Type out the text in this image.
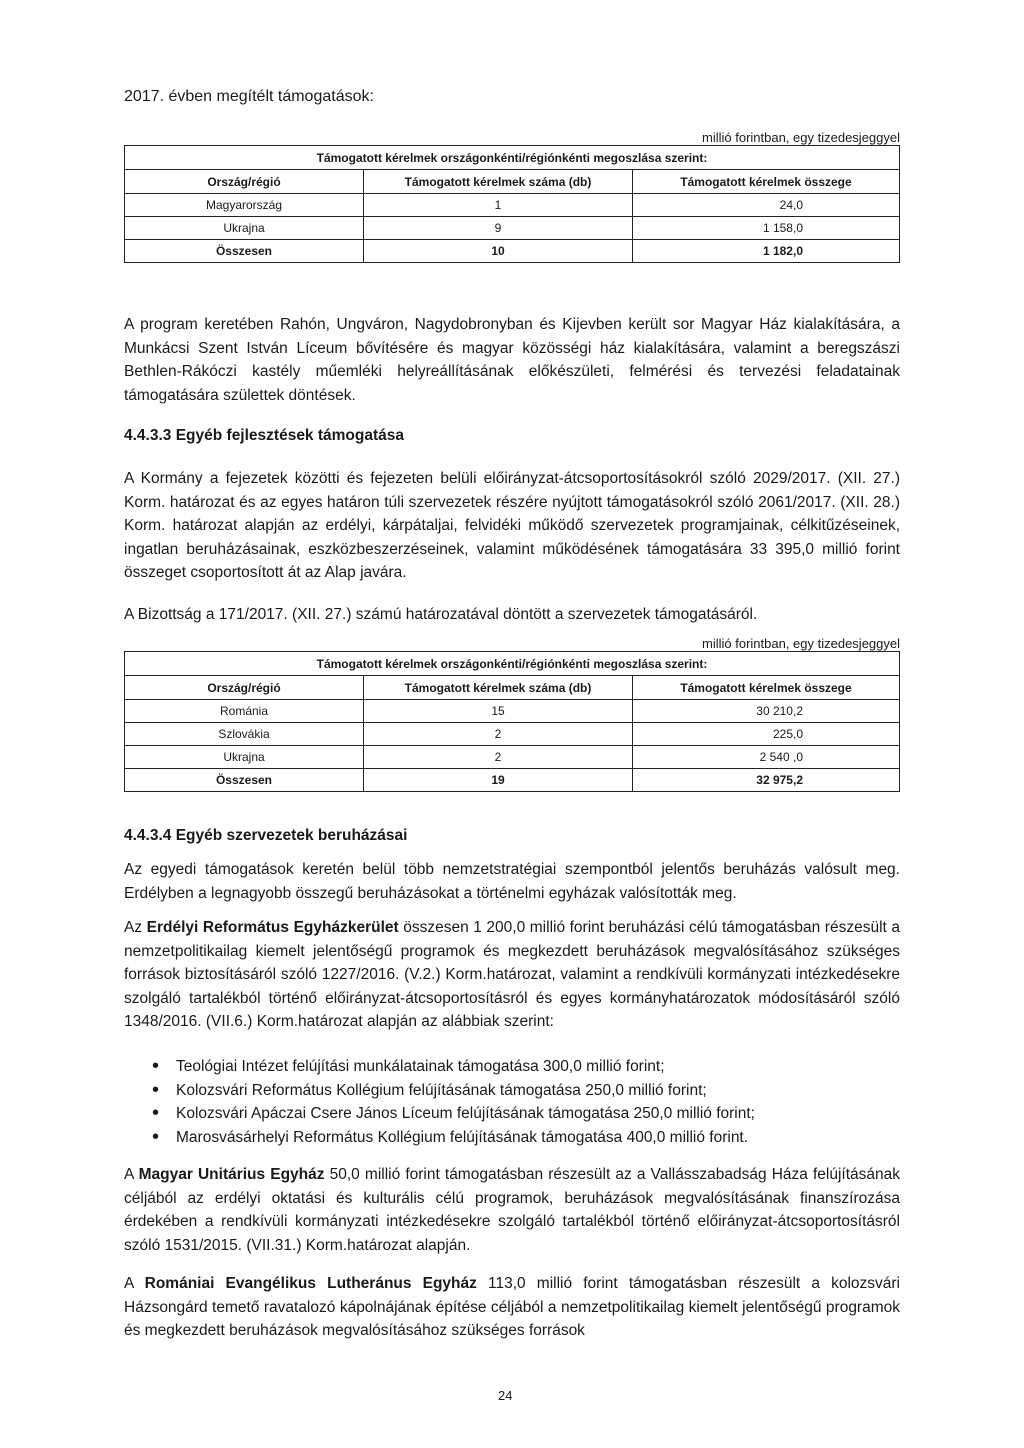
2017. évben megítélt támogatások:
millió forintban, egy tizedesjeggyel
Támogatott kérelmek országonkénti/régiónkénti megoszlása szerint:		
Ország/régió	Támogatott kérelmek száma (db)	Támogatott kérelmek összege
Magyarország	1	24,0
Ukrajna	9	1 158,0
Összesen	10	1 182,0

A program keretében Rahón, Ungváron, Nagydobronyban és Kijevben került sor Magyar Ház kialakítására, a Munkácsi Szent István Líceum bővítésére és magyar közösségi ház kialakítására, valamint a beregszászi Bethlen-Rákóczi kastély műemléki helyreállításának előkészületi, felmérési és tervezési feladatainak támogatására születtek döntések.

4.4.3.3 Egyéb fejlesztések támogatása

A Kormány a fejezetek közötti és fejezeten belüli előirányzat-átcsoportosításokról szóló 2029/2017. (XII. 27.) Korm. határozat és az egyes határon túli szervezetek részére nyújtott támogatásokról szóló 2061/2017. (XII. 28.) Korm. határozat alapján az erdélyi, kárpátaljai, felvidéki működő szervezetek programjainak, célkitűzéseinek, ingatlan beruházásainak, eszközbeszerzéseinek, valamint működésének támogatására 33 395,0 millió forint összeget csoportosított át az Alap javára.

A Bizottság a 171/2017. (XII. 27.) számú határozatával döntött a szervezetek támogatásáról.

millió forintban, egy tizedesjeggyel
Támogatott kérelmek országonkénti/régiónkénti megoszlása szerint:		
Ország/régió	Támogatott kérelmek száma (db)	Támogatott kérelmek összege
Románia	15	30 210,2
Szlovákia	2	225,0
Ukrajna	2	2 540 ,0
Összesen	19	32 975,2

4.4.3.4 Egyéb szervezetek beruházásai

Az egyedi támogatások keretén belül több nemzetstratégiai szempontból jelentős beruházás valósult meg. Erdélyben a legnagyobb összegű beruházásokat a történelmi egyházak valósították meg.

Az Erdélyi Református Egyházkerület összesen 1 200,0 millió forint beruházási célú támogatásban részesült a nemzetpolitikailag kiemelt jelentőségű programok és megkezdett beruházások megvalósításához szükséges források biztosításáról szóló 1227/2016. (V.2.) Korm.határozat, valamint a rendkívüli kormányzati intézkedésekre szolgáló tartalékból történő előirányzat-átcsoportosításról és egyes kormányhatározatok módosításáról szóló 1348/2016. (VII.6.) Korm.határozat alapján az alábbiak szerint:

• Teológiai Intézet felújítási munkálatainak támogatása 300,0 millió forint;
• Kolozsvári Református Kollégium felújításának támogatása 250,0 millió forint;
• Kolozsvári Apáczai Csere János Líceum felújításának támogatása 250,0 millió forint;
• Marosvásárhelyi Református Kollégium felújításának támogatása 400,0 millió forint.

A Magyar Unitárius Egyház 50,0 millió forint támogatásban részesült az a Vallásszabadság Háza felújításának céljából az erdélyi oktatási és kulturális célú programok, beruházások megvalósításának finanszírozása érdekében a rendkívüli kormányzati intézkedésekre szolgáló tartalékból történő előirányzat-átcsoportosításról szóló 1531/2015. (VII.31.) Korm.határozat alapján.

A Romániai Evangélikus Lutheránus Egyház 113,0 millió forint támogatásban részesült a kolozsvári Házsongárd temető ravatalozó kápolnájának építése céljából a nemzetpolitikailag kiemelt jelentőségű programok és megkezdett beruházások megvalósításához szükséges források

24
